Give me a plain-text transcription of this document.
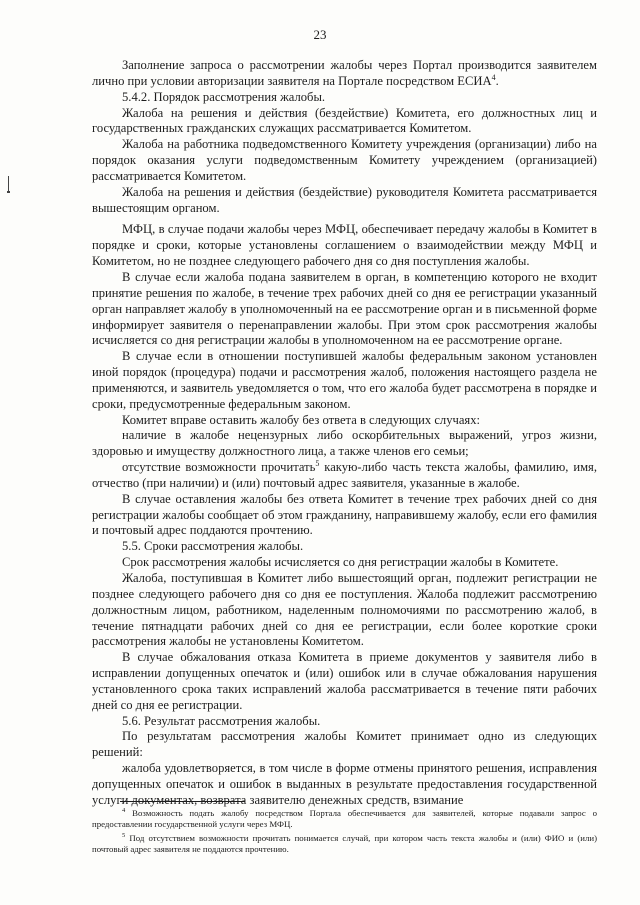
23

Заполнение запроса о рассмотрении жалобы через Портал производится заявителем лично при условии авторизации заявителя на Портале посредством ЕСИА$^4$.

5.4.2. Порядок рассмотрения жалобы.

Жалоба на решения и действия (бездействие) Комитета, его должностных лиц и государственных гражданских служащих рассматривается Комитетом.

Жалоба на работника подведомственного Комитету учреждения (организации) либо на порядок оказания услуги подведомственным Комитету учреждением (организацией) рассматривается Комитетом.

Жалоба на решения и действия (бездействие) руководителя Комитета рассматривается вышестоящим органом.

МФЦ, в случае подачи жалобы через МФЦ, обеспечивает передачу жалобы в Комитет в порядке и сроки, которые установлены соглашением о взаимодействии между МФЦ и Комитетом, но не позднее следующего рабочего дня со дня поступления жалобы.

В случае если жалоба подана заявителем в орган, в компетенцию которого не входит принятие решения по жалобе, в течение трех рабочих дней со дня ее регистрации указанный орган направляет жалобу в уполномоченный на ее рассмотрение орган и в письменной форме информирует заявителя о перенаправлении жалобы. При этом срок рассмотрения жалобы исчисляется со дня регистрации жалобы в уполномоченном на ее рассмотрение органе.

В случае если в отношении поступившей жалобы федеральным законом установлен иной порядок (процедура) подачи и рассмотрения жалоб, положения настоящего раздела не применяются, и заявитель уведомляется о том, что его жалоба будет рассмотрена в порядке и сроки, предусмотренные федеральным законом.

Комитет вправе оставить жалобу без ответа в следующих случаях:

наличие в жалобе нецензурных либо оскорбительных выражений, угроз жизни, здоровью и имуществу должностного лица, а также членов его семьи;

отсутствие возможности прочитать$^5$ какую-либо часть текста жалобы, фамилию, имя, отчество (при наличии) и (или) почтовый адрес заявителя, указанные в жалобе.

В случае оставления жалобы без ответа Комитет в течение трех рабочих дней со дня регистрации жалобы сообщает об этом гражданину, направившему жалобу, если его фамилия и почтовый адрес поддаются прочтению.

5.5. Сроки рассмотрения жалобы.

Срок рассмотрения жалобы исчисляется со дня регистрации жалобы в Комитете.

Жалоба, поступившая в Комитет либо вышестоящий орган, подлежит регистрации не позднее следующего рабочего дня со дня ее поступления. Жалоба подлежит рассмотрению должностным лицом, работником, наделенным полномочиями по рассмотрению жалоб, в течение пятнадцати рабочих дней со дня ее регистрации, если более короткие сроки рассмотрения жалобы не установлены Комитетом.

В случае обжалования отказа Комитета в приеме документов у заявителя либо в исправлении допущенных опечаток и (или) ошибок или в случае обжалования нарушения установленного срока таких исправлений жалоба рассматривается в течение пяти рабочих дней со дня ее регистрации.

5.6. Результат рассмотрения жалобы.

По результатам рассмотрения жалобы Комитет принимает одно из следующих решений:

жалоба удовлетворяется, в том числе в форме отмены принятого решения, исправления допущенных опечаток и ошибок в выданных в результате предоставления государственной услуги документах, возврата заявителю денежных средств, взимание

$^4$ Возможность подать жалобу посредством Портала обеспечивается для заявителей, которые подавали запрос о предоставлении государственной услуги через МФЦ.

$^5$ Под отсутствием возможности прочитать понимается случай, при котором часть текста жалобы и (или) ФИО и (или) почтовый адрес заявителя не поддаются прочтению.
